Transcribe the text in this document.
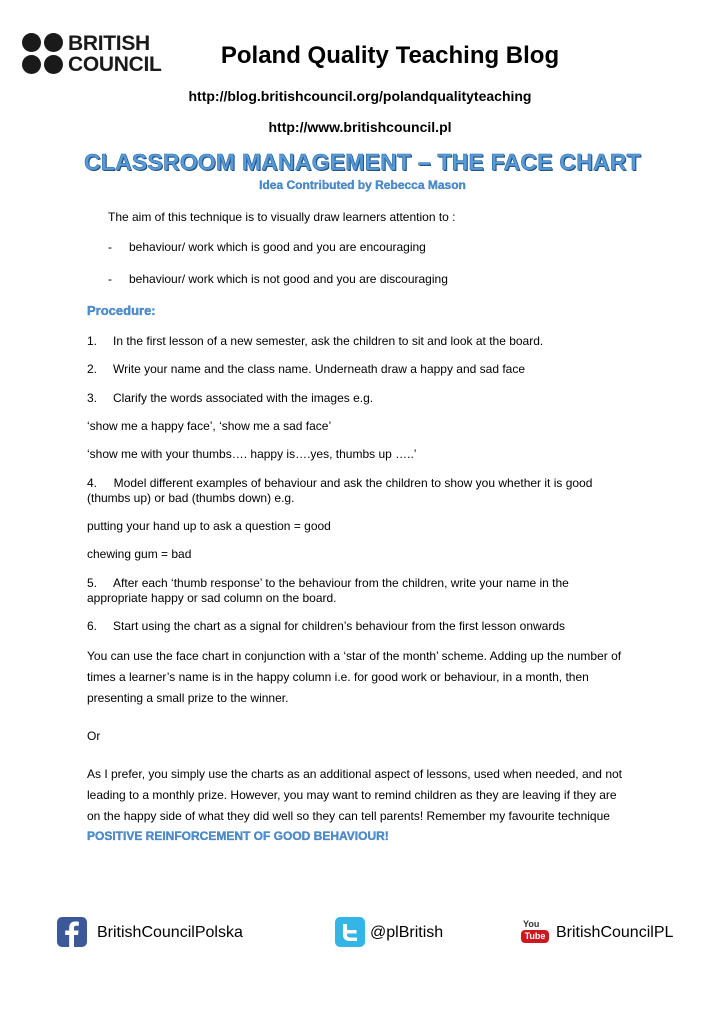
BRITISH
COUNCIL	Poland Quality Teaching Blog
http://blog.britishcouncil.org/polandqualityteaching
http://www.britishcouncil.pl
CLASSROOM MANAGEMENT – THE FACE CHART
Idea Contributed by Rebecca Mason
The aim of this technique is to visually draw learners attention to :
- behaviour/ work which is good and you are encouraging
- behaviour/ work which is not good and you are discouraging
Procedure:
1. In the first lesson of a new semester, ask the children to sit and look at the board.
2. Write your name and the class name. Underneath draw a happy and sad face
3. Clarify the words associated with the images e.g.
‘show me a happy face’, ‘show me a sad face’
‘show me with your thumbs…. happy is….yes, thumbs up …..’
4.     Model different examples of behaviour and ask the children to show you whether it is good
(thumbs up) or bad (thumbs down) e.g.
putting your hand up to ask a question = good
chewing gum = bad
5.     After each ‘thumb response’ to the behaviour from the children, write your name in the
appropriate happy or sad column on the board.
6. Start using the chart as a signal for children’s behaviour from the first lesson onwards
You can use the face chart in conjunction with a ‘star of the month’ scheme. Adding up the number of
times a learner’s name is in the happy column i.e. for good work or behaviour, in a month, then
presenting a small prize to the winner.
Or
As I prefer, you simply use the charts as an additional aspect of lessons, used when needed, and not
leading to a monthly prize. However, you may want to remind children as they are leaving if they are
on the happy side of what they did well so they can tell parents! Remember my favourite technique
POSITIVE REINFORCEMENT OF GOOD BEHAVIOUR!
BritishCouncilPolska	@plBritish	You
Tube BritishCouncilPL
